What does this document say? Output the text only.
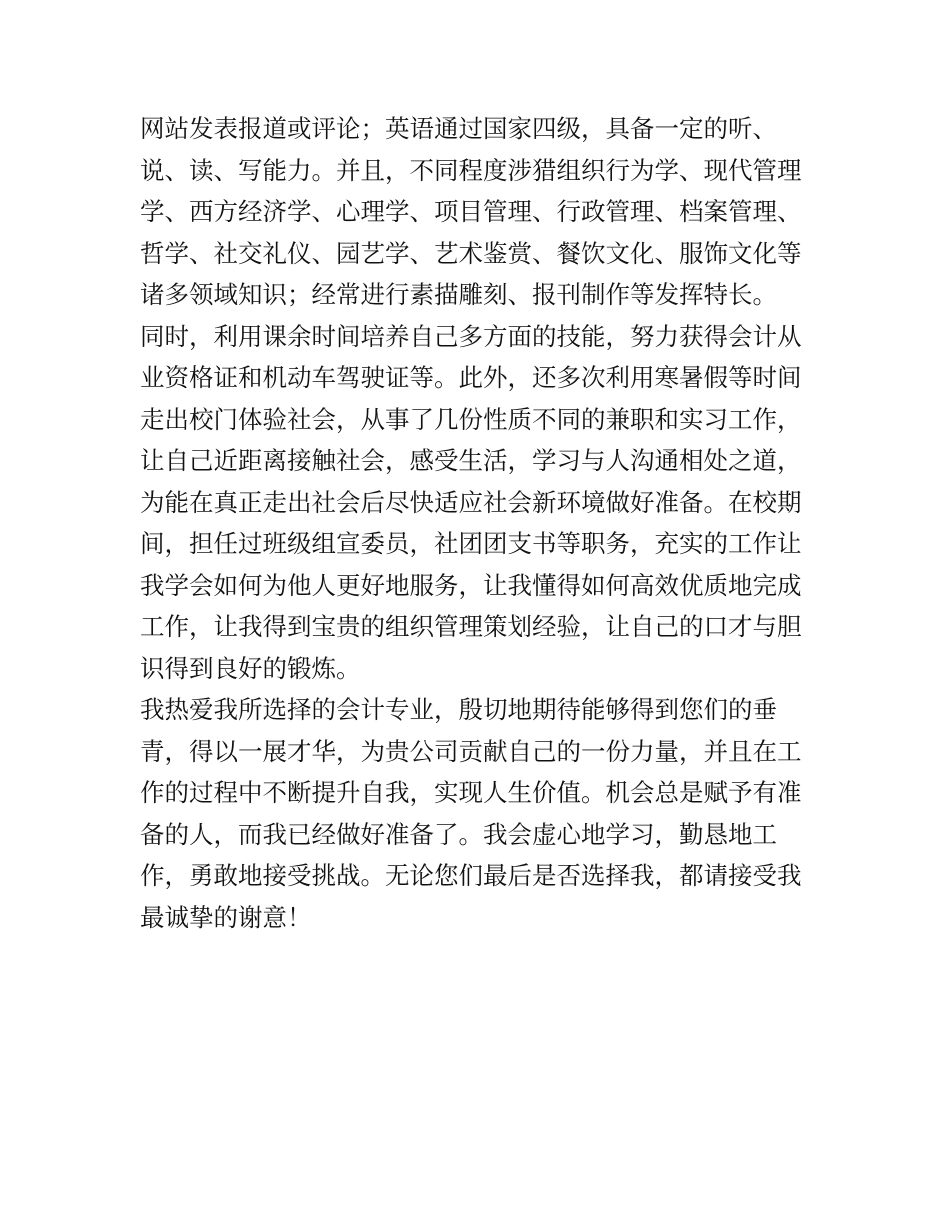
网站发表报道或评论；英语通过国家四级，具备一定的听、
说、读、写能力。并且，不同程度涉猎组织行为学、现代管理
学、西方经济学、心理学、项目管理、行政管理、档案管理、
哲学、社交礼仪、园艺学、艺术鉴赏、餐饮文化、服饰文化等
诸多领域知识；经常进行素描雕刻、报刊制作等发挥特长。
同时，利用课余时间培养自己多方面的技能，努力获得会计从
业资格证和机动车驾驶证等。此外，还多次利用寒暑假等时间
走出校门体验社会，从事了几份性质不同的兼职和实习工作，
让自己近距离接触社会，感受生活，学习与人沟通相处之道，
为能在真正走出社会后尽快适应社会新环境做好准备。在校期
间，担任过班级组宣委员，社团团支书等职务，充实的工作让
我学会如何为他人更好地服务，让我懂得如何高效优质地完成
工作，让我得到宝贵的组织管理策划经验，让自己的口才与胆
识得到良好的锻炼。
我热爱我所选择的会计专业，殷切地期待能够得到您们的垂
青，得以一展才华，为贵公司贡献自己的一份力量，并且在工
作的过程中不断提升自我，实现人生价值。机会总是赋予有准
备的人，而我已经做好准备了。我会虚心地学习，勤恳地工
作，勇敢地接受挑战。无论您们最后是否选择我，都请接受我
最诚挚的谢意！
